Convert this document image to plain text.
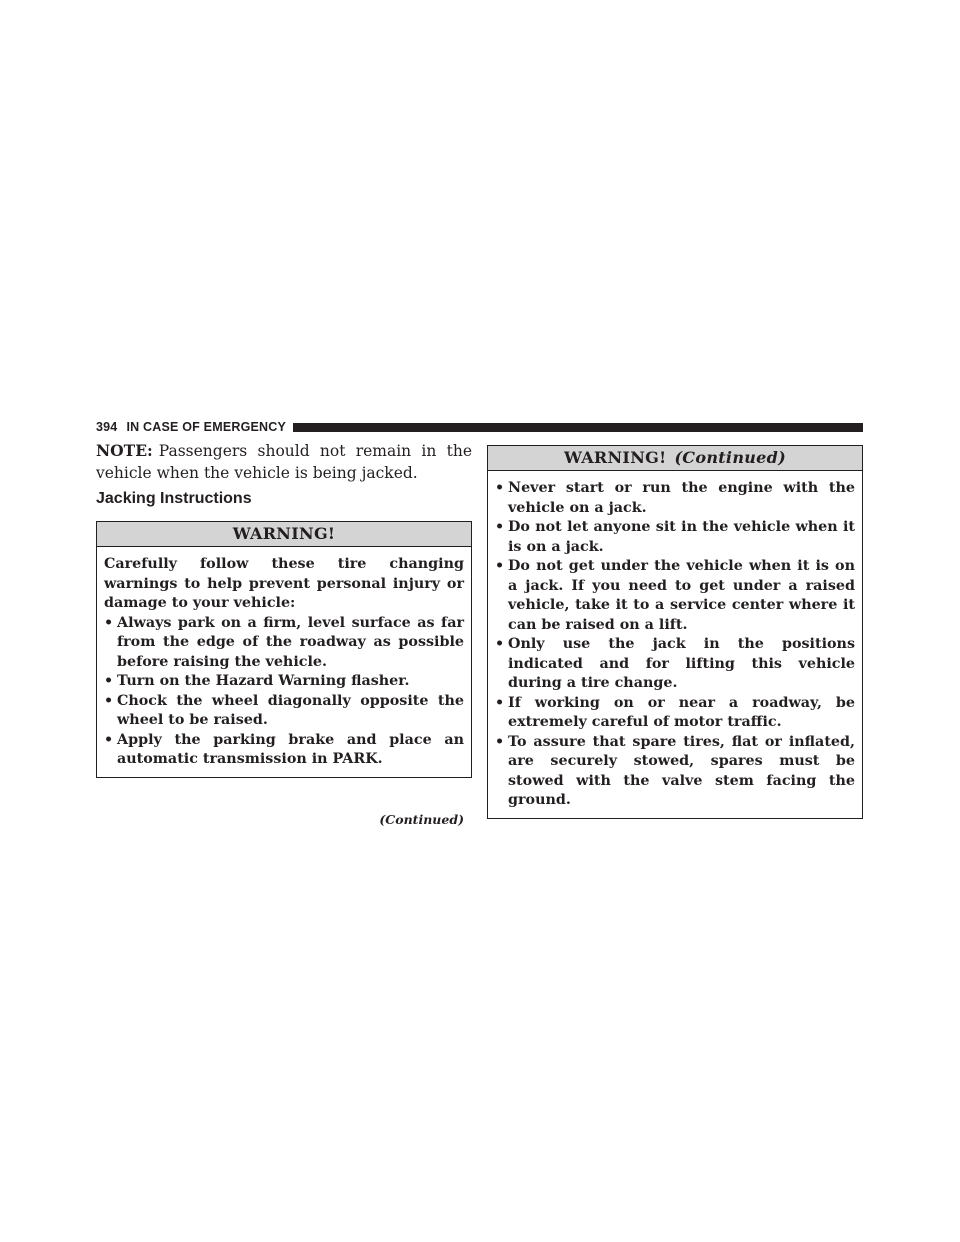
394 IN CASE OF EMERGENCY

NOTE: Passengers should not remain in the vehicle when the vehicle is being jacked.

Jacking Instructions
WARNING!

Carefully follow these tire changing warnings to help prevent personal injury or damage to your vehicle:

• Always park on a firm, level surface as far from the edge of the roadway as possible before raising the vehicle.
• Turn on the Hazard Warning flasher.
• Chock the wheel diagonally opposite the wheel to be raised.
• Apply the parking brake and place an automatic transmission in PARK.
(Continued)
WARNING! (Continued)
• Never start or run the engine with the vehicle on a jack.
• Do not let anyone sit in the vehicle when it is on a jack.
• Do not get under the vehicle when it is on a jack. If you need to get under a raised vehicle, take it to a service center where it can be raised on a lift.
• Only use the jack in the positions indicated and for lifting this vehicle during a tire change.
• If working on or near a roadway, be extremely careful of motor traffic.
• To assure that spare tires, flat or inflated, are securely stowed, spares must be stowed with the valve stem facing the ground.
